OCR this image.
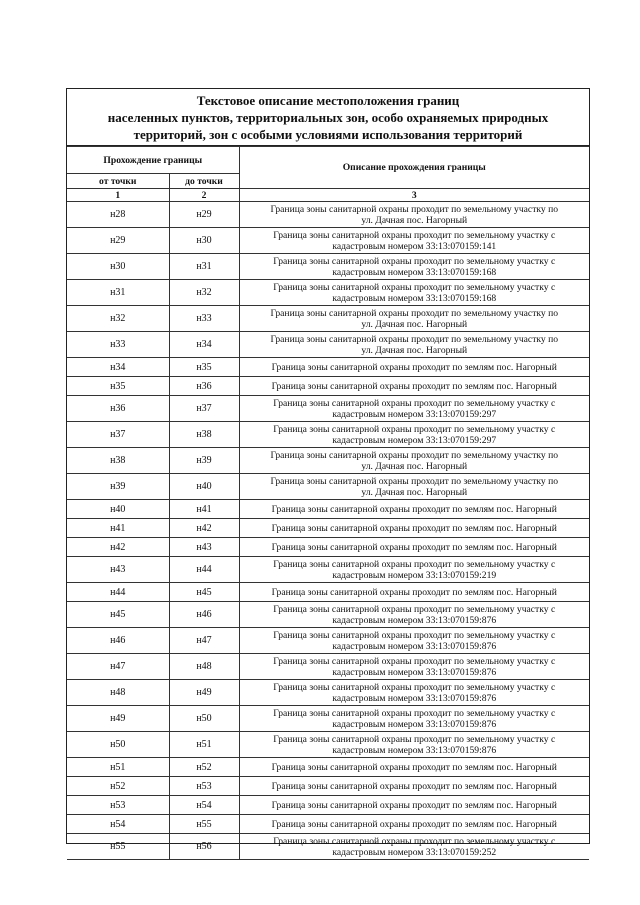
Текстовое описание местоположения границ
населенных пунктов, территориальных зон, особо охраняемых природных
территорий, зон с особыми условиями использования территорий
Прохождение границы		Описание прохождения границы
от точки	до точки	
1	2	3
н28	н29	Граница зоны санитарной охраны проходит по земельному участку по
ул. Дачная пос. Нагорный

н29	н30	Граница зоны санитарной охраны проходит по земельному участку с
кадастровым номером 33:13:070159:141

н30	н31	Граница зоны санитарной охраны проходит по земельному участку с
кадастровым номером 33:13:070159:168

н31	н32	Граница зоны санитарной охраны проходит по земельному участку с
кадастровым номером 33:13:070159:168

н32	н33	Граница зоны санитарной охраны проходит по земельному участку по
ул. Дачная пос. Нагорный

н33	н34	Граница зоны санитарной охраны проходит по земельному участку по
ул. Дачная пос. Нагорный

н34	н35	Граница зоны санитарной охраны проходит по землям пос. Нагорный

н35	н36	Граница зоны санитарной охраны проходит по землям пос. Нагорный

н36	н37	Граница зоны санитарной охраны проходит по земельному участку с
кадастровым номером 33:13:070159:297

н37	н38	Граница зоны санитарной охраны проходит по земельному участку с
кадастровым номером 33:13:070159:297

н38	н39	Граница зоны санитарной охраны проходит по земельному участку по
ул. Дачная пос. Нагорный

н39	н40	Граница зоны санитарной охраны проходит по земельному участку по
ул. Дачная пос. Нагорный

н40	н41	Граница зоны санитарной охраны проходит по землям пос. Нагорный

н41	н42	Граница зоны санитарной охраны проходит по землям пос. Нагорный

н42	н43	Граница зоны санитарной охраны проходит по землям пос. Нагорный

н43	н44	Граница зоны санитарной охраны проходит по земельному участку с
кадастровым номером 33:13:070159:219

н44	н45	Граница зоны санитарной охраны проходит по землям пос. Нагорный

н45	н46	Граница зоны санитарной охраны проходит по земельному участку с
кадастровым номером 33:13:070159:876

н46	н47	Граница зоны санитарной охраны проходит по земельному участку с
кадастровым номером 33:13:070159:876

н47	н48	Граница зоны санитарной охраны проходит по земельному участку с
кадастровым номером 33:13:070159:876

н48	н49	Граница зоны санитарной охраны проходит по земельному участку с
кадастровым номером 33:13:070159:876

н49	н50	Граница зоны санитарной охраны проходит по земельному участку с
кадастровым номером 33:13:070159:876

н50	н51	Граница зоны санитарной охраны проходит по земельному участку с
кадастровым номером 33:13:070159:876

н51	н52	Граница зоны санитарной охраны проходит по землям пос. Нагорный

н52	н53	Граница зоны санитарной охраны проходит по землям пос. Нагорный

н53	н54	Граница зоны санитарной охраны проходит по землям пос. Нагорный

н54	н55	Граница зоны санитарной охраны проходит по землям пос. Нагорный

н55	н56	Граница зоны санитарной охраны проходит по земельному участку с
кадастровым номером 33:13:070159:252
